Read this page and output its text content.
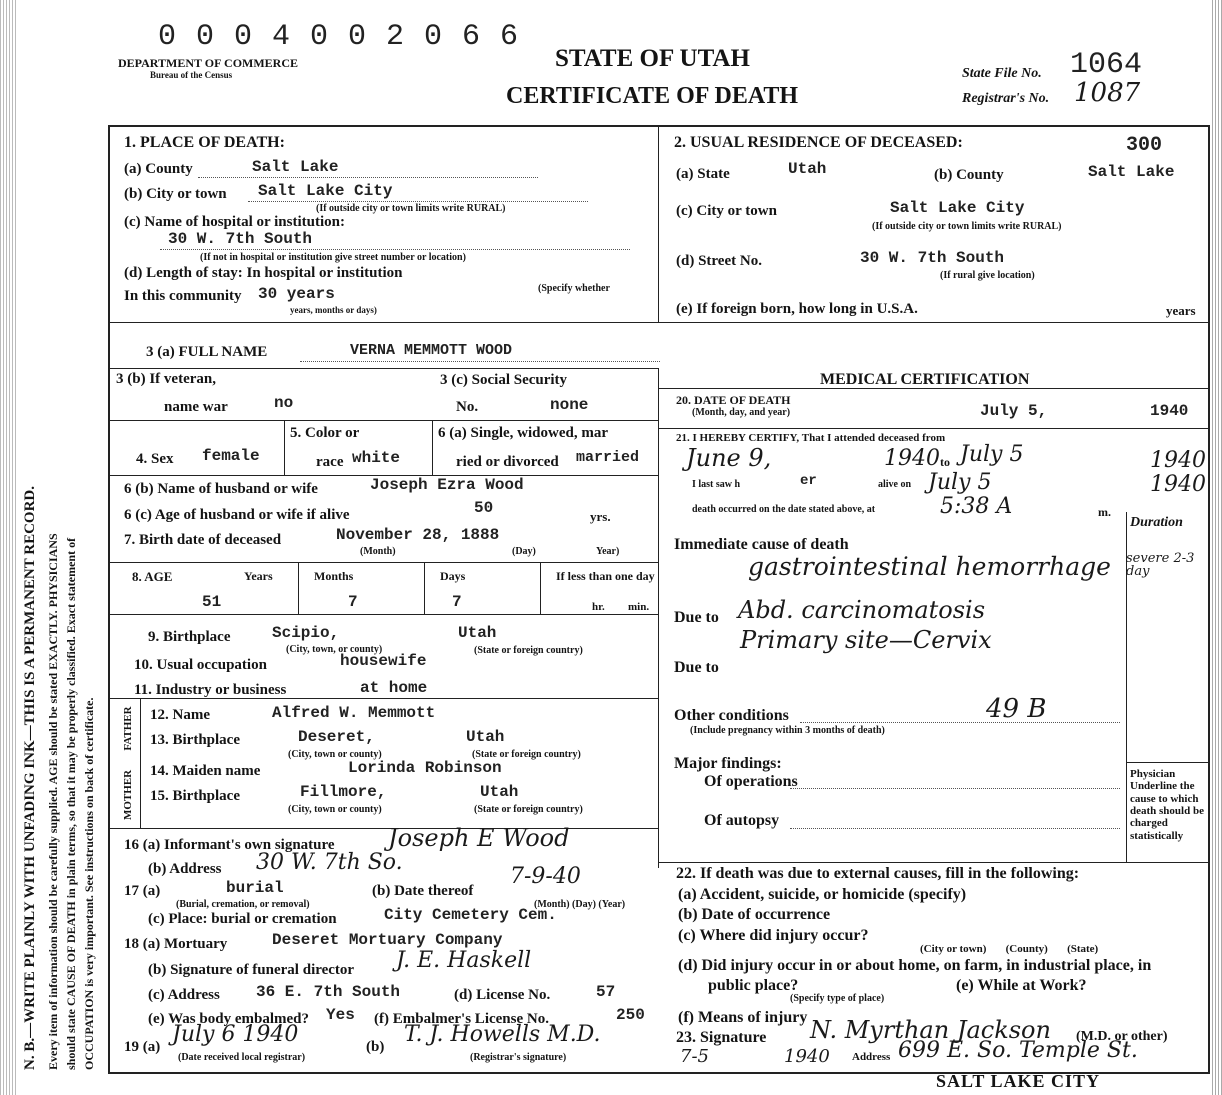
N. B.—WRITE PLAINLY WITH UNFADING INK—THIS IS A PERMANENT RECORD. Every item of information should be carefully supplied. AGE should be stated EXACTLY. PHYSICIANS should state CAUSE OF DEATH in plain terms, so that it may be properly classified. Exact statement of OCCUPATION is very important. See instructions on back of certificate.
0 0 0 4 0 0 2 0 6 6
DEPARTMENT OF COMMERCE
Bureau of the Census
STATE OF UTAH
CERTIFICATE OF DEATH
State File No. 1064
Registrar's No. 1087
1. PLACE OF DEATH:
(a) County	Salt Lake
(b) City or town Salt Lake City
(If outside city or town limits write RURAL)
(c) Name of hospital or institution:
30 W. 7th South
(If not in hospital or institution give street number or location)
(d) Length of stay: In hospital or institution
In this community 30 years	(Specify whether
years, months or days)
2. USUAL RESIDENCE OF DECEASED:	300
(a) State	Utah	(b) County	Salt Lake
(c) City or town	Salt Lake City
(If outside city or town limits write RURAL)
(d) Street No.	30 W. 7th South
(If rural give location)
(e) If foreign born, how long in U.S.A.	years
3 (a) FULL NAME	VERNA MEMMOTT WOOD
3 (b) If veteran,
name war	no
3 (c) Social Security
No.	none
4. Sex female
5. Color or
race white
6 (a) Single, widowed, mar
ried or divorced married
6 (b) Name of husband or wife	Joseph Ezra Wood
6 (c) Age of husband or wife if alive	50	yrs.
7. Birth date of deceased	November 28, 1888
(Month)	(Day)	Year)
8. AGE	Years	Months	Days	If less than one day
51	7	7	hr. min.
9. Birthplace	Scipio,	Utah
(City, town, or county)	(State or foreign country)
10. Usual occupation	housewife
11. Industry or business	at home
MOTHER       FATHER 12. Name	Alfred W. Memmott
13. Birthplace	Deseret,	Utah
(City, town or county)	(State or foreign country)
14. Maiden name	Lorinda Robinson
15. Birthplace	Fillmore,	Utah
(City, town or county)	(State or foreign country)
16 (a) Informant's own signature Joseph E Wood
(b) Address 30 W. 7th So.
17 (a)	burial
(Burial, cremation, or removal)
(b) Date thereof
7-9-40
(Month) (Day) (Year)
(c) Place: burial or cremation	City Cemetery Cem.
18 (a) Mortuary	Deseret Mortuary Company
(b) Signature of funeral director J. E. Haskell
(c) Address 36 E. 7th South	(d) License No.	57
(e) Was body embalmed? Yes (f) Embalmer's License No.	250
19 (a) July 6 1940
(Date received local registrar)
(b) T. J. Howells M.D.
(Registrar's signature)
MEDICAL CERTIFICATION
20. DATE OF DEATH
(Month, day, and year)	July 5,	1940
21. I HEREBY CERTIFY, That I attended deceased from
June 9,	1940 to July 5	1940
I last saw h	er	alive on July 5	1940
death occurred on the date stated above, at	5:38 A	m.
Duration
Immediate cause of death
gastrointestinal hemorrhage severe 2-3 day
Due to Abd. carcinomatosis
Primary site—Cervix
Due to
Other conditions
(Include pregnancy within 3 months of death)
49 B
Major findings:
Of operations
Of autopsy
Physician Underline the cause to which death should be charged statistically
22. If death was due to external causes, fill in the following:
(a) Accident, suicide, or homicide (specify)
(b) Date of occurrence
(c) Where did injury occur?
(City or town)       (County)       (State)
(d) Did injury occur in or about home, on farm, in industrial place, in
public place?
(Specify type of place)
(e) While at Work?
(f) Means of injury
23. Signature N. Myrthan Jackson (M.D. or other)
7-5	1940 Address 699 E. So. Temple St.
SALT LAKE CITY
